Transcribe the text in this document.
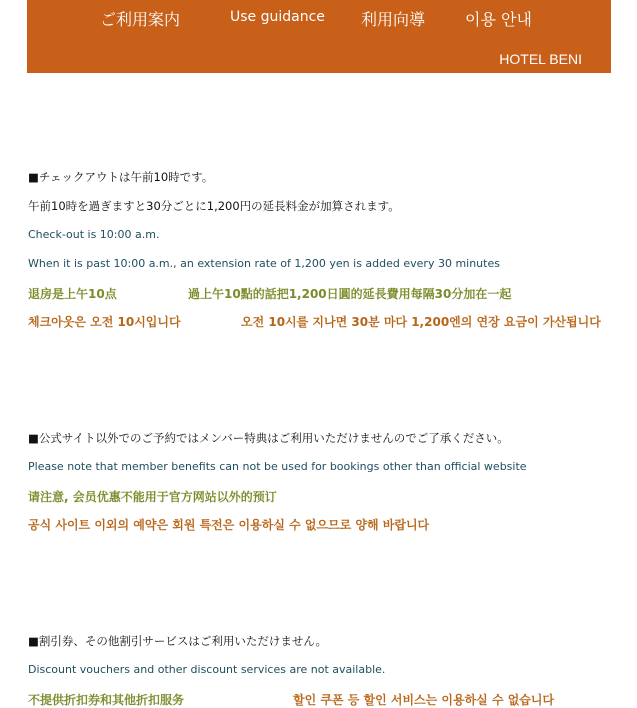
ご利用案内	Use guidance 利用向導 이용 안내
HOTEL BENI
■チェックアウトは午前10時です。
午前10時を過ぎますと30分ごとに1,200円の延長料金が加算されます。
Check-out is 10:00 a.m.
When it is past 10:00 a.m., an extension rate of 1,200 yen is added every 30 minutes
退房是上午10点	過上午10點的話把1,200日圓的延長費用每隔30分加在一起
체크아웃은 오전 10시입니다	오전 10시를 지나면 30분 마다 1,200엔의 연장 요금이 가산됩니다
■公式サイト以外でのご予約ではメンバー特典はご利用いただけませんのでご了承ください。
Please note that member benefits can not be used for bookings other than official website
请注意, 会员优惠不能用于官方网站以外的预订
공식 사이트 이외의 예약은 회원 특전은 이용하실 수 없으므로 양해 바랍니다
■割引券、その他割引サービスはご利用いただけません。
Discount vouchers and other discount services are not available.
不提供折扣券和其他折扣服务	할인 쿠폰 등 할인 서비스는 이용하실 수 없습니다
